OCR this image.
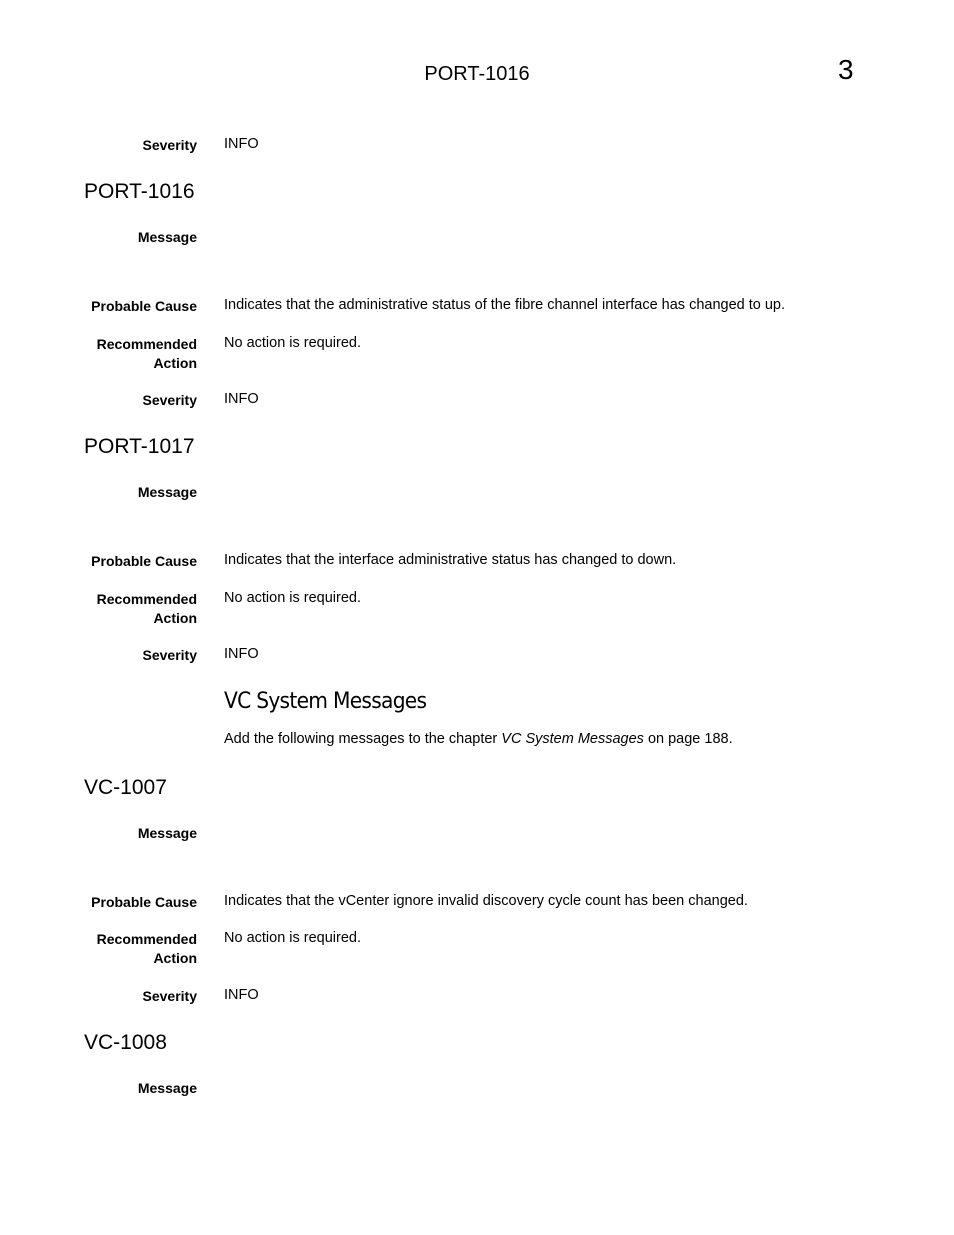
PORT-1016	3
Severity INFO
PORT-1016
Message
Probable Cause Indicates that the administrative status of the fibre channel interface has changed to up.
Recommended
Action
No action is required.
Severity INFO
PORT-1017
Message
Probable Cause Indicates that the interface administrative status has changed to down.
Recommended
Action
No action is required.
Severity INFO
VC System Messages
Add the following messages to the chapter VC System Messages on page 188.
VC-1007
Message
Probable Cause Indicates that the vCenter ignore invalid discovery cycle count has been changed.
Recommended
Action
No action is required.
Severity INFO
VC-1008
Message
